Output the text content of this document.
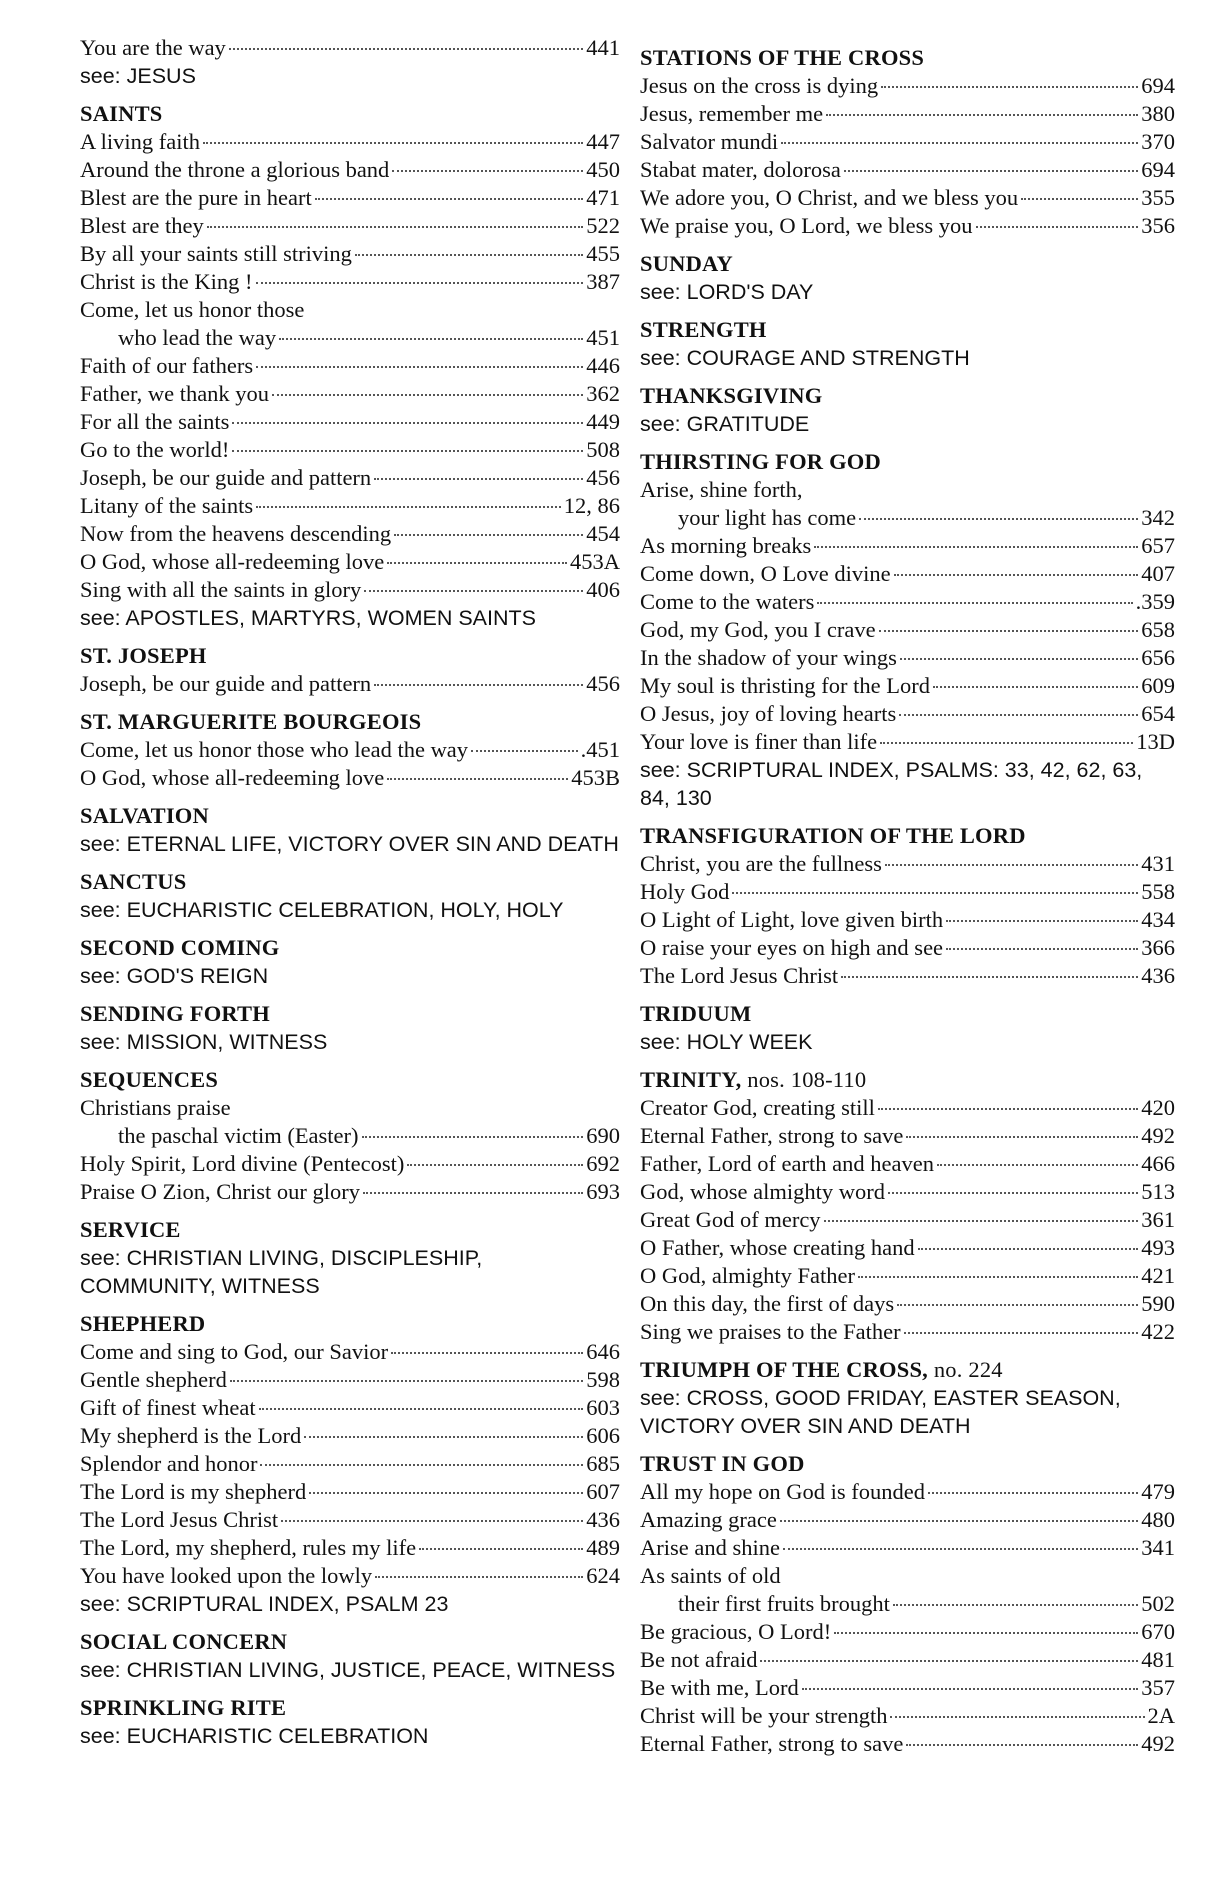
You are the way	441
see: JESUS
SAINTS
A living faith	447
Around the throne a glorious band	450
Blest are the pure in heart	471
Blest are they	522
By all your saints still striving	455
Christ is the King !	387
Come, let us honor those
who lead the way	451
Faith of our fathers	446
Father, we thank you	362
For all the saints	449
Go to the world!	508
Joseph, be our guide and pattern	456
Litany of the saints	12, 86
Now from the heavens descending	454
O God, whose all-redeeming love	453A
Sing with all the saints in glory	406
see: APOSTLES, MARTYRS, WOMEN SAINTS
ST. JOSEPH
Joseph, be our guide and pattern	456
ST. MARGUERITE BOURGEOIS
Come, let us honor those who lead the way	.451
O God, whose all-redeeming love	453B
SALVATION
see: ETERNAL LIFE, VICTORY OVER SIN AND DEATH
SANCTUS
see: EUCHARISTIC CELEBRATION, HOLY, HOLY
SECOND COMING
see: GOD'S REIGN
SENDING FORTH
see: MISSION, WITNESS
SEQUENCES
Christians praise
the paschal victim (Easter)	690
Holy Spirit, Lord divine (Pentecost)	692
Praise O Zion, Christ our glory	693
SERVICE
see: CHRISTIAN LIVING, DISCIPLESHIP, COMMUNITY, WITNESS
SHEPHERD
Come and sing to God, our Savior	646
Gentle shepherd	598
Gift of finest wheat	603
My shepherd is the Lord	606
Splendor and honor	685
The Lord is my shepherd	607
The Lord Jesus Christ	436
The Lord, my shepherd, rules my life	489
You have looked upon the lowly	624
see: SCRIPTURAL INDEX, PSALM 23
SOCIAL CONCERN
see: CHRISTIAN LIVING, JUSTICE, PEACE, WITNESS
SPRINKLING RITE
see: EUCHARISTIC CELEBRATION
STATIONS OF THE CROSS
Jesus on the cross is dying	694
Jesus, remember me	380
Salvator mundi	370
Stabat mater, dolorosa	694
We adore you, O Christ, and we bless you	355
We praise you, O Lord, we bless you	356
SUNDAY
see: LORD'S DAY
STRENGTH
see: COURAGE AND STRENGTH
THANKSGIVING
see: GRATITUDE
THIRSTING FOR GOD
Arise, shine forth,
your light has come	342
As morning breaks	657
Come down, O Love divine	407
Come to the waters	.359
God, my God, you I crave	658
In the shadow of your wings	656
My soul is thristing for the Lord	609
O Jesus, joy of loving hearts	654
Your love is finer than life	13D
see: SCRIPTURAL INDEX, PSALMS: 33, 42, 62, 63, 84, 130
TRANSFIGURATION OF THE LORD
Christ, you are the fullness	431
Holy God	558
O Light of Light, love given birth	434
O raise your eyes on high and see	366
The Lord Jesus Christ	436
TRIDUUM
see: HOLY WEEK
TRINITY, nos. 108-110
Creator God, creating still	420
Eternal Father, strong to save	492
Father, Lord of earth and heaven	466
God, whose almighty word	513
Great God of mercy	361
O Father, whose creating hand	493
O God, almighty Father	421
On this day, the first of days	590
Sing we praises to the Father	422
TRIUMPH OF THE CROSS, no. 224
see: CROSS, GOOD FRIDAY, EASTER SEASON, VICTORY OVER SIN AND DEATH
TRUST IN GOD
All my hope on God is founded	479
Amazing grace	480
Arise and shine	341
As saints of old
their first fruits brought	502
Be gracious, O Lord!	670
Be not afraid	481
Be with me, Lord	357
Christ will be your strength	2A
Eternal Father, strong to save	492
